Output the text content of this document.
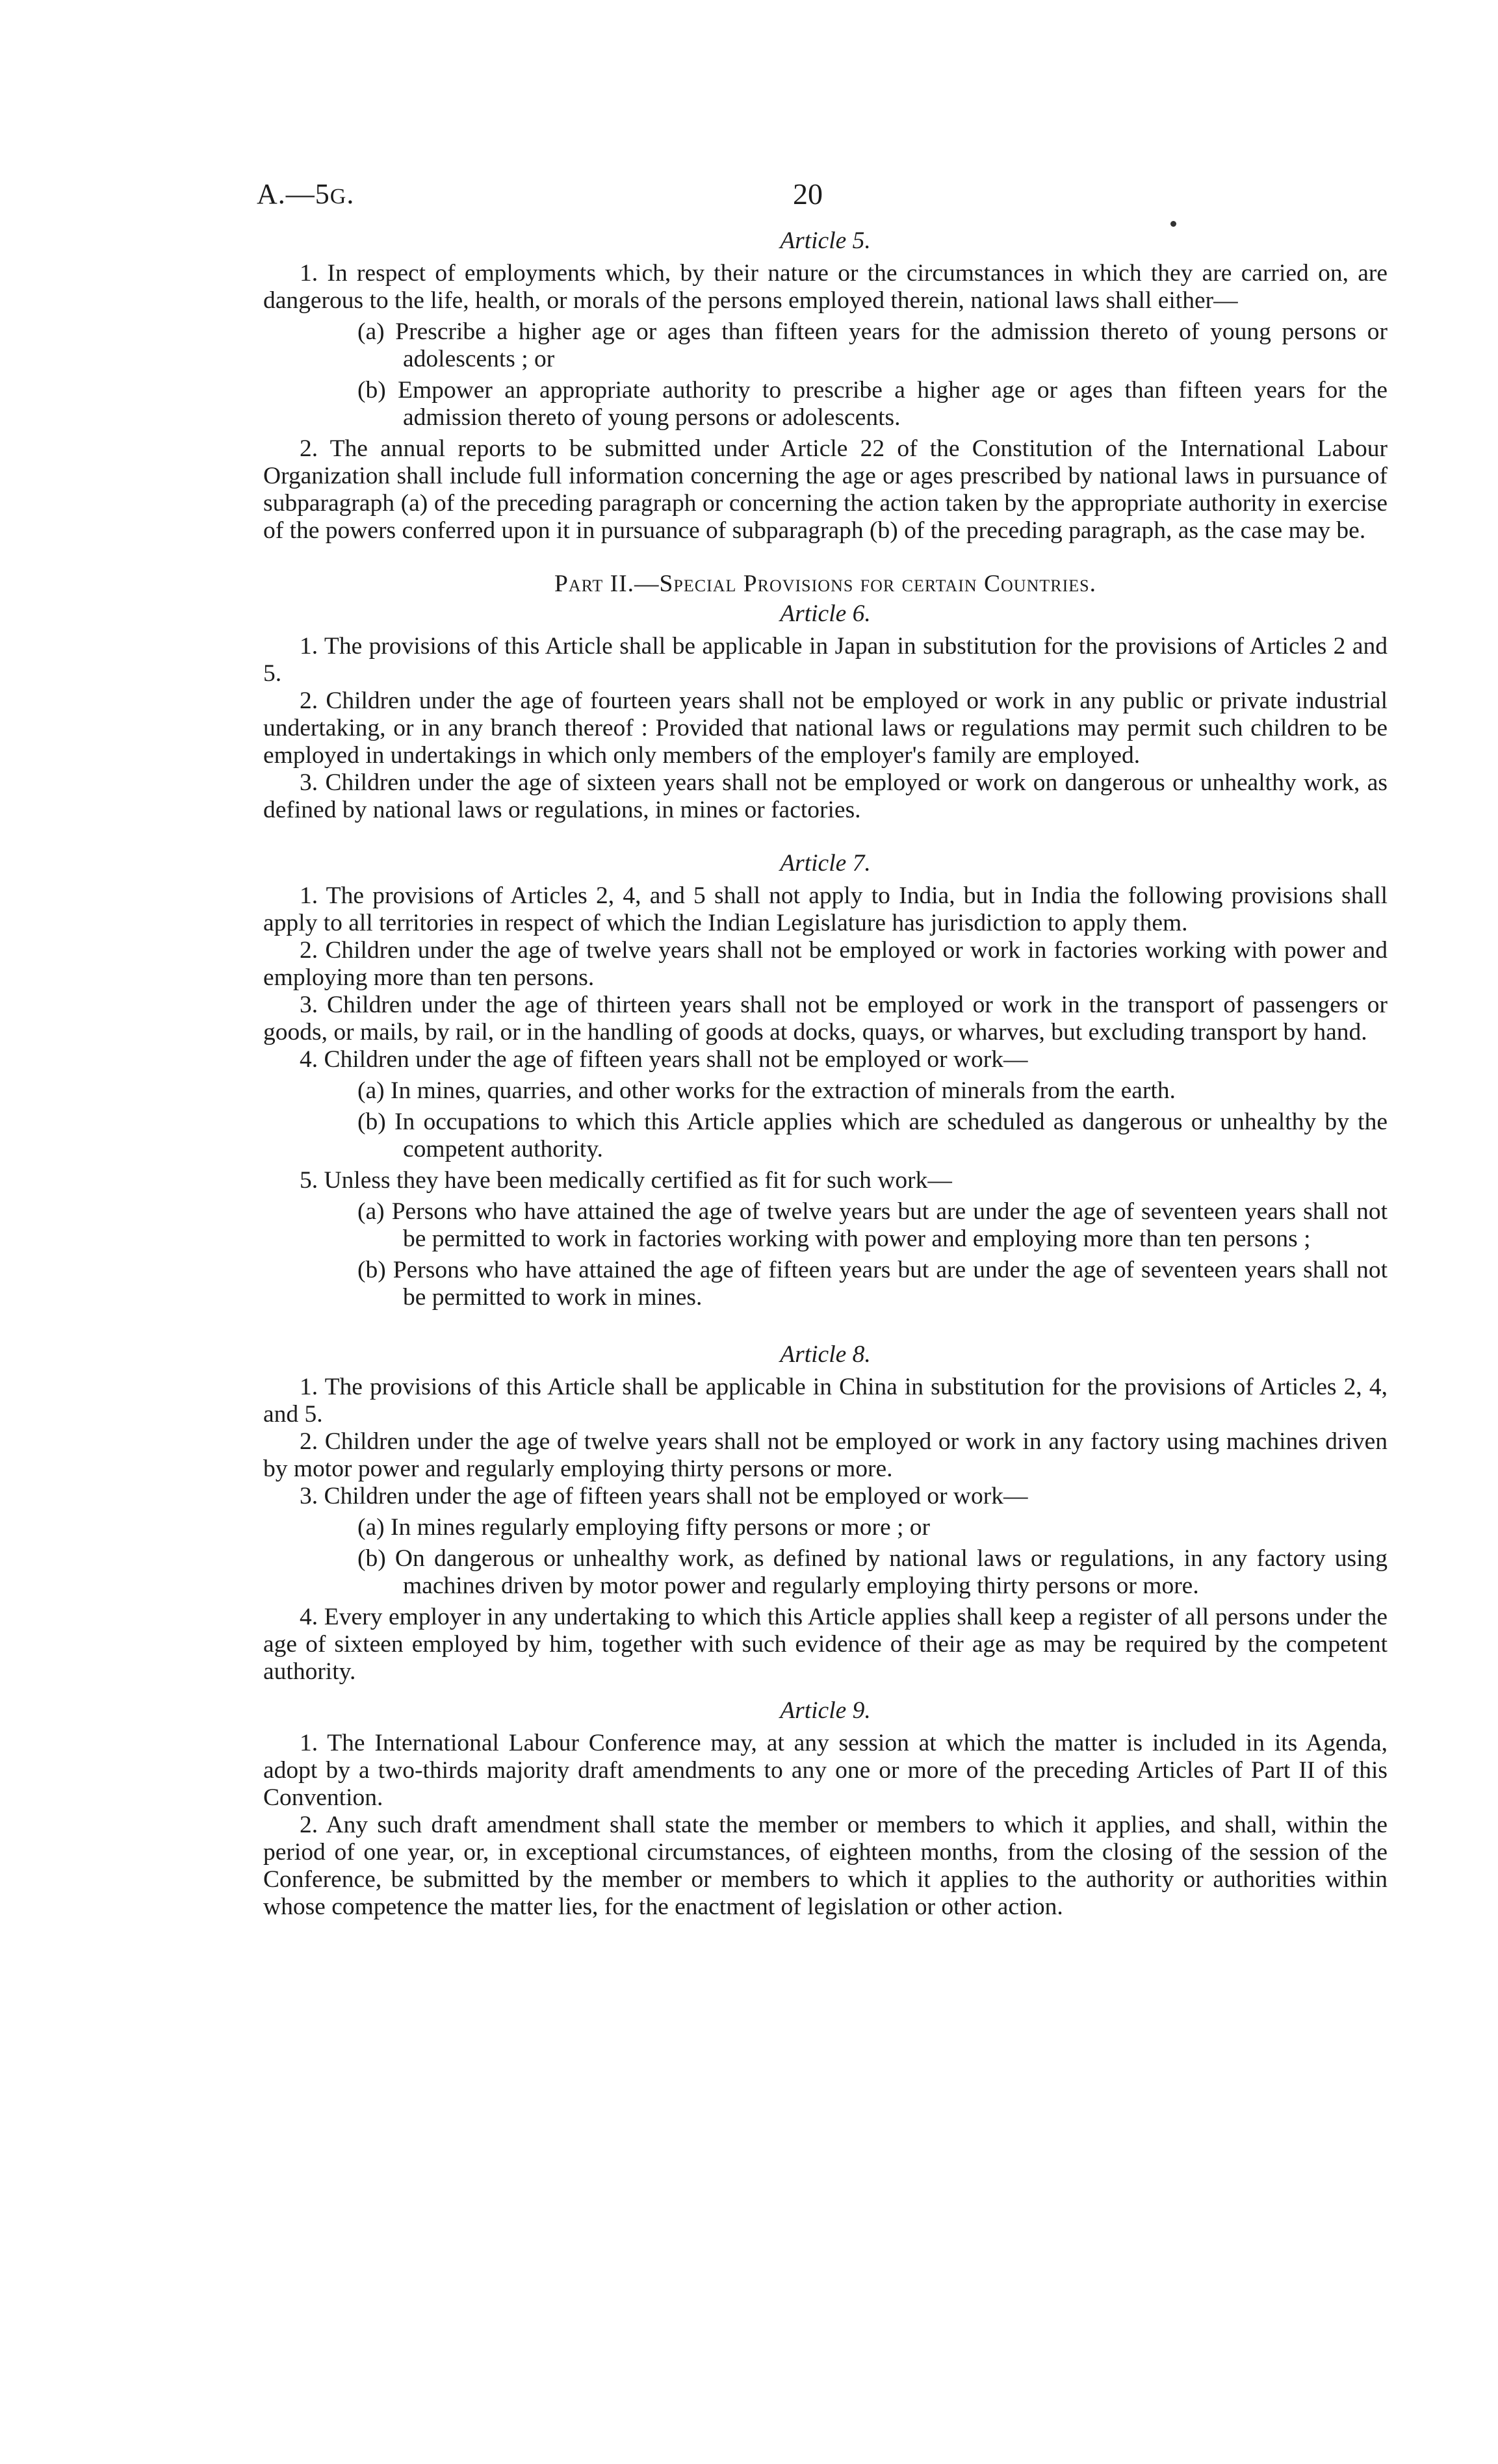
A.—5G.	20
Article 5.

1. In respect of employments which, by their nature or the circumstances in which they are carried on, are dangerous to the life, health, or morals of the persons employed therein, national laws shall either—

(a) Prescribe a higher age or ages than fifteen years for the admission thereto of young persons or adolescents ; or
(b) Empower an appropriate authority to prescribe a higher age or ages than fifteen years for the admission thereto of young persons or adolescents.

2. The annual reports to be submitted under Article 22 of the Constitution of the International Labour Organization shall include full information concerning the age or ages prescribed by national laws in pursuance of subparagraph (a) of the preceding paragraph or concerning the action taken by the appropriate authority in exercise of the powers conferred upon it in pursuance of subparagraph (b) of the preceding paragraph, as the case may be.

Part II.—Special Provisions for certain Countries.
Article 6.

1. The provisions of this Article shall be applicable in Japan in substitution for the provisions of Articles 2 and 5.

2. Children under the age of fourteen years shall not be employed or work in any public or private industrial undertaking, or in any branch thereof : Provided that national laws or regulations may permit such children to be employed in undertakings in which only members of the employer's family are employed.

3. Children under the age of sixteen years shall not be employed or work on dangerous or unhealthy work, as defined by national laws or regulations, in mines or factories.

Article 7.

1. The provisions of Articles 2, 4, and 5 shall not apply to India, but in India the following provisions shall apply to all territories in respect of which the Indian Legislature has jurisdiction to apply them.

2. Children under the age of twelve years shall not be employed or work in factories working with power and employing more than ten persons.

3. Children under the age of thirteen years shall not be employed or work in the transport of passengers or goods, or mails, by rail, or in the handling of goods at docks, quays, or wharves, but excluding transport by hand.

4. Children under the age of fifteen years shall not be employed or work—

(a) In mines, quarries, and other works for the extraction of minerals from the earth.
(b) In occupations to which this Article applies which are scheduled as dangerous or unhealthy by the competent authority.

5. Unless they have been medically certified as fit for such work—

(a) Persons who have attained the age of twelve years but are under the age of seventeen years shall not be permitted to work in factories working with power and employing more than ten persons ;
(b) Persons who have attained the age of fifteen years but are under the age of seventeen years shall not be permitted to work in mines.
Article 8.

1. The provisions of this Article shall be applicable in China in substitution for the provisions of Articles 2, 4, and 5.

2. Children under the age of twelve years shall not be employed or work in any factory using machines driven by motor power and regularly employing thirty persons or more.

3. Children under the age of fifteen years shall not be employed or work—

(a) In mines regularly employing fifty persons or more ; or
(b) On dangerous or unhealthy work, as defined by national laws or regulations, in any factory using machines driven by motor power and regularly employing thirty persons or more.

4. Every employer in any undertaking to which this Article applies shall keep a register of all persons under the age of sixteen employed by him, together with such evidence of their age as may be required by the competent authority.

Article 9.

1. The International Labour Conference may, at any session at which the matter is included in its Agenda, adopt by a two-thirds majority draft amendments to any one or more of the preceding Articles of Part II of this Convention.

2. Any such draft amendment shall state the member or members to which it applies, and shall, within the period of one year, or, in exceptional circumstances, of eighteen months, from the closing of the session of the Conference, be submitted by the member or members to which it applies to the authority or authorities within whose competence the matter lies, for the enactment of legislation or other action.
